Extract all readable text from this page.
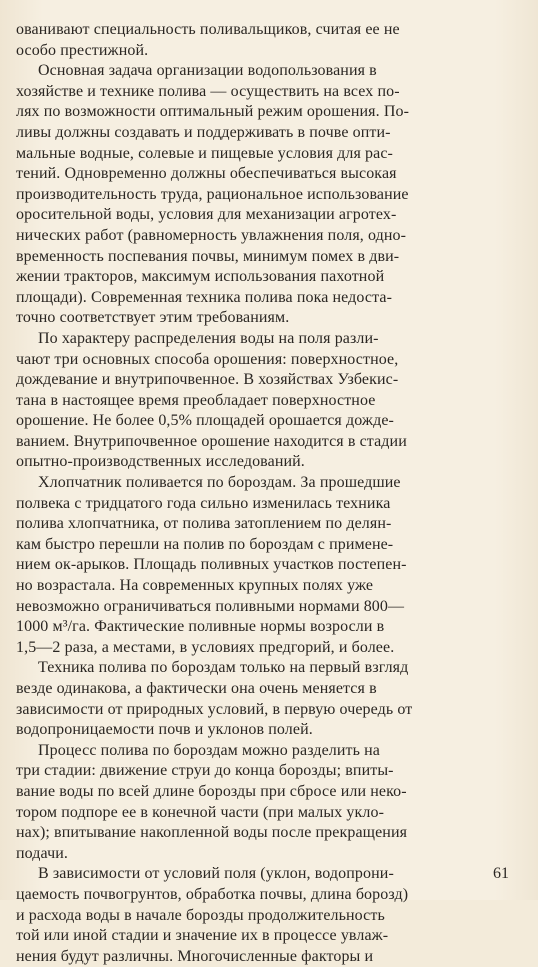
ованивают специальность поливальщиков, считая ее не
особо престижной.
Основная задача организации водопользования в
хозяйстве и технике полива — осуществить на всех по-
лях по возможности оптимальный режим орошения. По-
ливы должны создавать и поддерживать в почве опти-
мальные водные, солевые и пищевые условия для рас-
тений. Одновременно должны обеспечиваться высокая
производительность труда, рациональное использование
оросительной воды, условия для механизации агротех-
нических работ (равномерность увлажнения поля, одно-
временность поспевания почвы, минимум помех в дви-
жении тракторов, максимум использования пахотной
площади). Современная техника полива пока недоста-
точно соответствует этим требованиям.
По характеру распределения воды на поля разли-
чают три основных способа орошения: поверхностное,
дождевание и внутрипочвенное. В хозяйствах Узбекис-
тана в настоящее время преобладает поверхностное
орошение. Не более 0,5% площадей орошается дожде-
ванием. Внутрипочвенное орошение находится в стадии
опытно-производственных исследований.
Хлопчатник поливается по бороздам. За прошедшие
полвека с тридцатого года сильно изменилась техника
полива хлопчатника, от полива затоплением по делян-
кам быстро перешли на полив по бороздам с примене-
нием ок-арыков. Площадь поливных участков постепен-
но возрастала. На современных крупных полях уже
невозможно ограничиваться поливными нормами 800—
1000 м³/га. Фактические поливные нормы возросли в
1,5—2 раза, а местами, в условиях предгорий, и более.
Техника полива по бороздам только на первый взгляд
везде одинакова, а фактически она очень меняется в
зависимости от природных условий, в первую очередь от
водопроницаемости почв и уклонов полей.
Процесс полива по бороздам можно разделить на
три стадии: движение струи до конца борозды; впиты-
вание воды по всей длине борозды при сбросе или неко-
тором подпоре ее в конечной части (при малых укло-
нах); впитывание накопленной воды после прекращения
подачи.
В зависимости от условий поля (уклон, водопрони-
цаемость почвогрунтов, обработка почвы, длина борозд)
и расхода воды в начале борозды продолжительность
той или иной стадии и значение их в процессе увлаж-
нения будут различны. Многочисленные факторы и
61
